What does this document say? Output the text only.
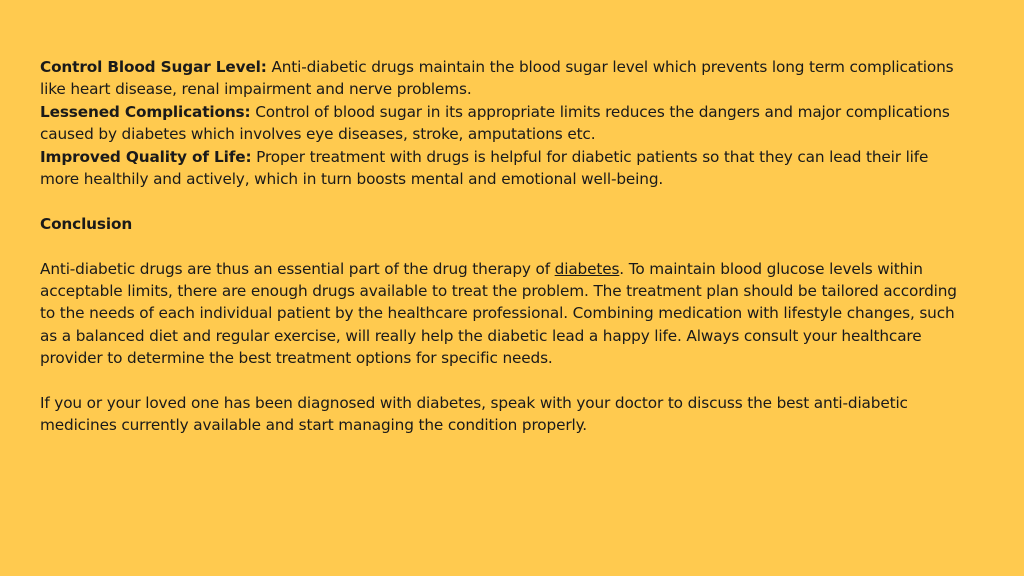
Control Blood Sugar Level: Anti-diabetic drugs maintain the blood sugar level which prevents long term complications like heart disease, renal impairment and nerve problems.

Lessened Complications: Control of blood sugar in its appropriate limits reduces the dangers and major complications caused by diabetes which involves eye diseases, stroke, amputations etc.

Improved Quality of Life: Proper treatment with drugs is helpful for diabetic patients so that they can lead their life more healthily and actively, which in turn boosts mental and emotional well-being.

Conclusion

Anti-diabetic drugs are thus an essential part of the drug therapy of diabetes. To maintain blood glucose levels within acceptable limits, there are enough drugs available to treat the problem. The treatment plan should be tailored according to the needs of each individual patient by the healthcare professional. Combining medication with lifestyle changes, such as a balanced diet and regular exercise, will really help the diabetic lead a happy life. Always consult your healthcare provider to determine the best treatment options for specific needs.

If you or your loved one has been diagnosed with diabetes, speak with your doctor to discuss the best anti-diabetic medicines currently available and start managing the condition properly.
